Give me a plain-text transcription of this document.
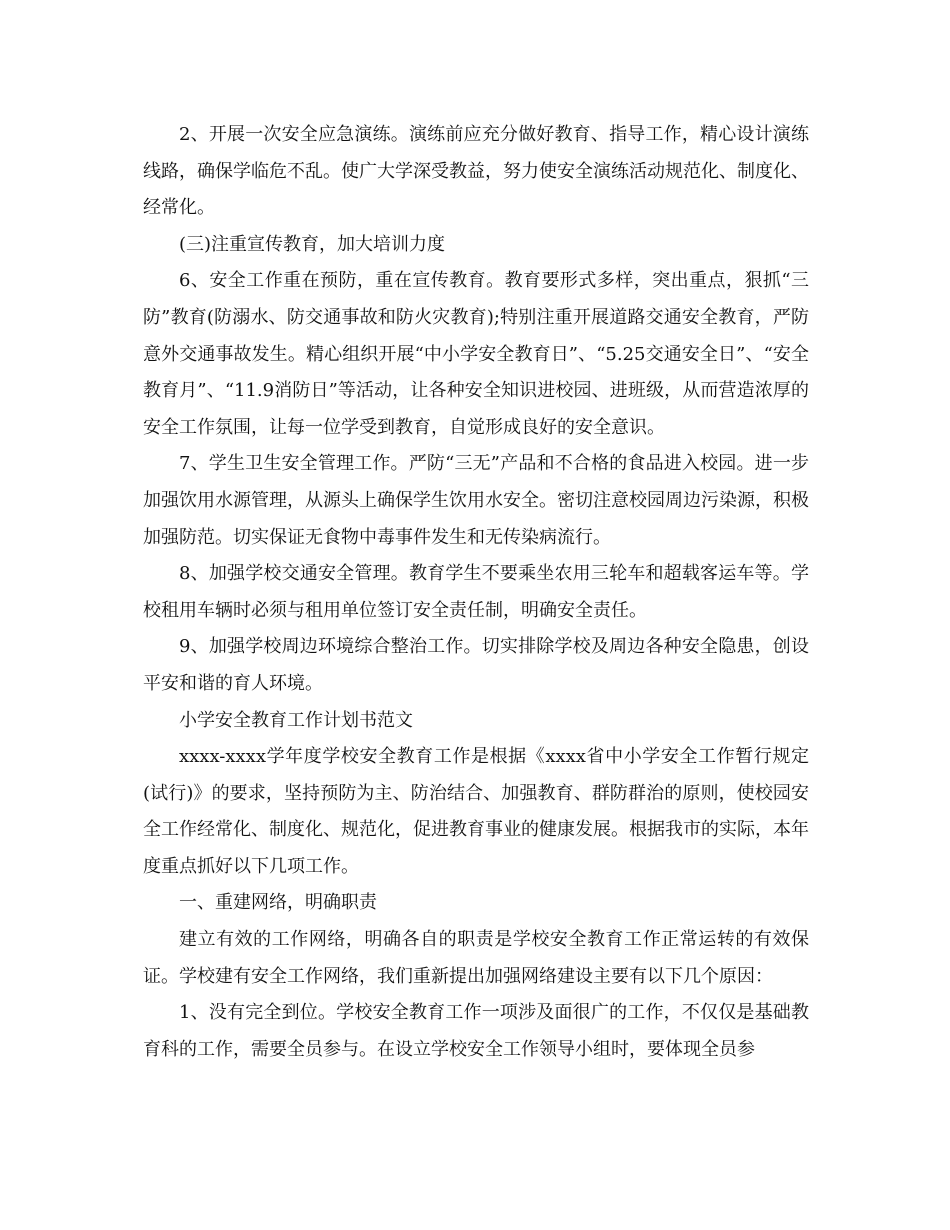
2、开展一次安全应急演练。演练前应充分做好教育、指导工作，精心设计演练线路，确保学临危不乱。使广大学深受教益，努力使安全演练活动规范化、制度化、经常化。

(三)注重宣传教育，加大培训力度

6、安全工作重在预防，重在宣传教育。教育要形式多样，突出重点，狠抓“三防”教育(防溺水、防交通事故和防火灾教育);特别注重开展道路交通安全教育，严防意外交通事故发生。精心组织开展“中小学安全教育日”、“5.25交通安全日”、“安全教育月”、“11.9消防日”等活动，让各种安全知识进校园、进班级，从而营造浓厚的安全工作氛围，让每一位学受到教育，自觉形成良好的安全意识。

7、学生卫生安全管理工作。严防“三无”产品和不合格的食品进入校园。进一步加强饮用水源管理，从源头上确保学生饮用水安全。密切注意校园周边污染源，积极加强防范。切实保证无食物中毒事件发生和无传染病流行。

8、加强学校交通安全管理。教育学生不要乘坐农用三轮车和超载客运车等。学校租用车辆时必须与租用单位签订安全责任制，明确安全责任。

9、加强学校周边环境综合整治工作。切实排除学校及周边各种安全隐患，创设平安和谐的育人环境。

小学安全教育工作计划书范文

xxxx-xxxx学年度学校安全教育工作是根据《xxxx省中小学安全工作暂行规定(试行)》的要求，坚持预防为主、防治结合、加强教育、群防群治的原则，使校园安全工作经常化、制度化、规范化，促进教育事业的健康发展。根据我市的实际，本年度重点抓好以下几项工作。

一、重建网络，明确职责

建立有效的工作网络，明确各自的职责是学校安全教育工作正常运转的有效保证。学校建有安全工作网络，我们重新提出加强网络建设主要有以下几个原因：

1、没有完全到位。学校安全教育工作一项涉及面很广的工作，不仅仅是基础教育科的工作，需要全员参与。在设立学校安全工作领导小组时，要体现全员参
